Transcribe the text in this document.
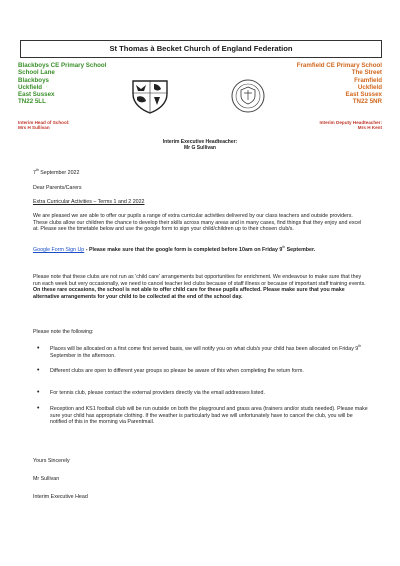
St Thomas à Becket Church of England Federation
Blackboys CE Primary School
School Lane
Blackboys
Uckfield
East Sussex
TN22 5LL
Framfield CE Primary School
The Street
Framfield
Uckfield
East Sussex
TN22 5NR
Interim Head of School:
Mrs H Sullivan
Interim Deputy Headteacher:
Mrs H Kent
Interim Executive Headteacher:
Mr G Sullivan
7th September 2022
Dear Parents/Carers
Extra Curricular Activities – Terms 1 and 2 2022
We are pleased we are able to offer our pupils a range of extra curricular activities delivered by our class teachers and outside providers. These clubs allow our children the chance to develop their skills across many areas and in many cases, find things that they enjoy and excel at. Please see the timetable below and use the google form to sign your child/children up to their chosen club/s.
Google Form Sign Up - Please make sure that the google form is completed before 10am on Friday 9th September.
Please note that these clubs are not run as 'child care' arrangements but opportunities for enrichment. We endeavour to make sure that they run each week but very occasionally, we need to cancel teacher led clubs because of staff illness or because of important staff training events. On these rare occasions, the school is not able to offer child care for these pupils affected. Please make sure that you make alternative arrangements for your child to be collected at the end of the school day.
Please note the following:
• Places will be allocated on a first come first served basis, we will notify you on what club/s your child has been allocated on Friday 9th September in the afternoon.
• Different clubs are open to different year groups so please be aware of this when completing the return form.
• For tennis club, please contact the external providers directly via the email addresses listed.
• Reception and KS1 football club will be run outside on both the playground and grass area (trainers and/or studs needed). Please make sure your child has appropriate clothing. If the weather is particularly bad we will unfortunately have to cancel the club, you will be notified of this in the morning via Parentmail.
Yours Sincerely
Mr Sullivan
Interim Executive Head
